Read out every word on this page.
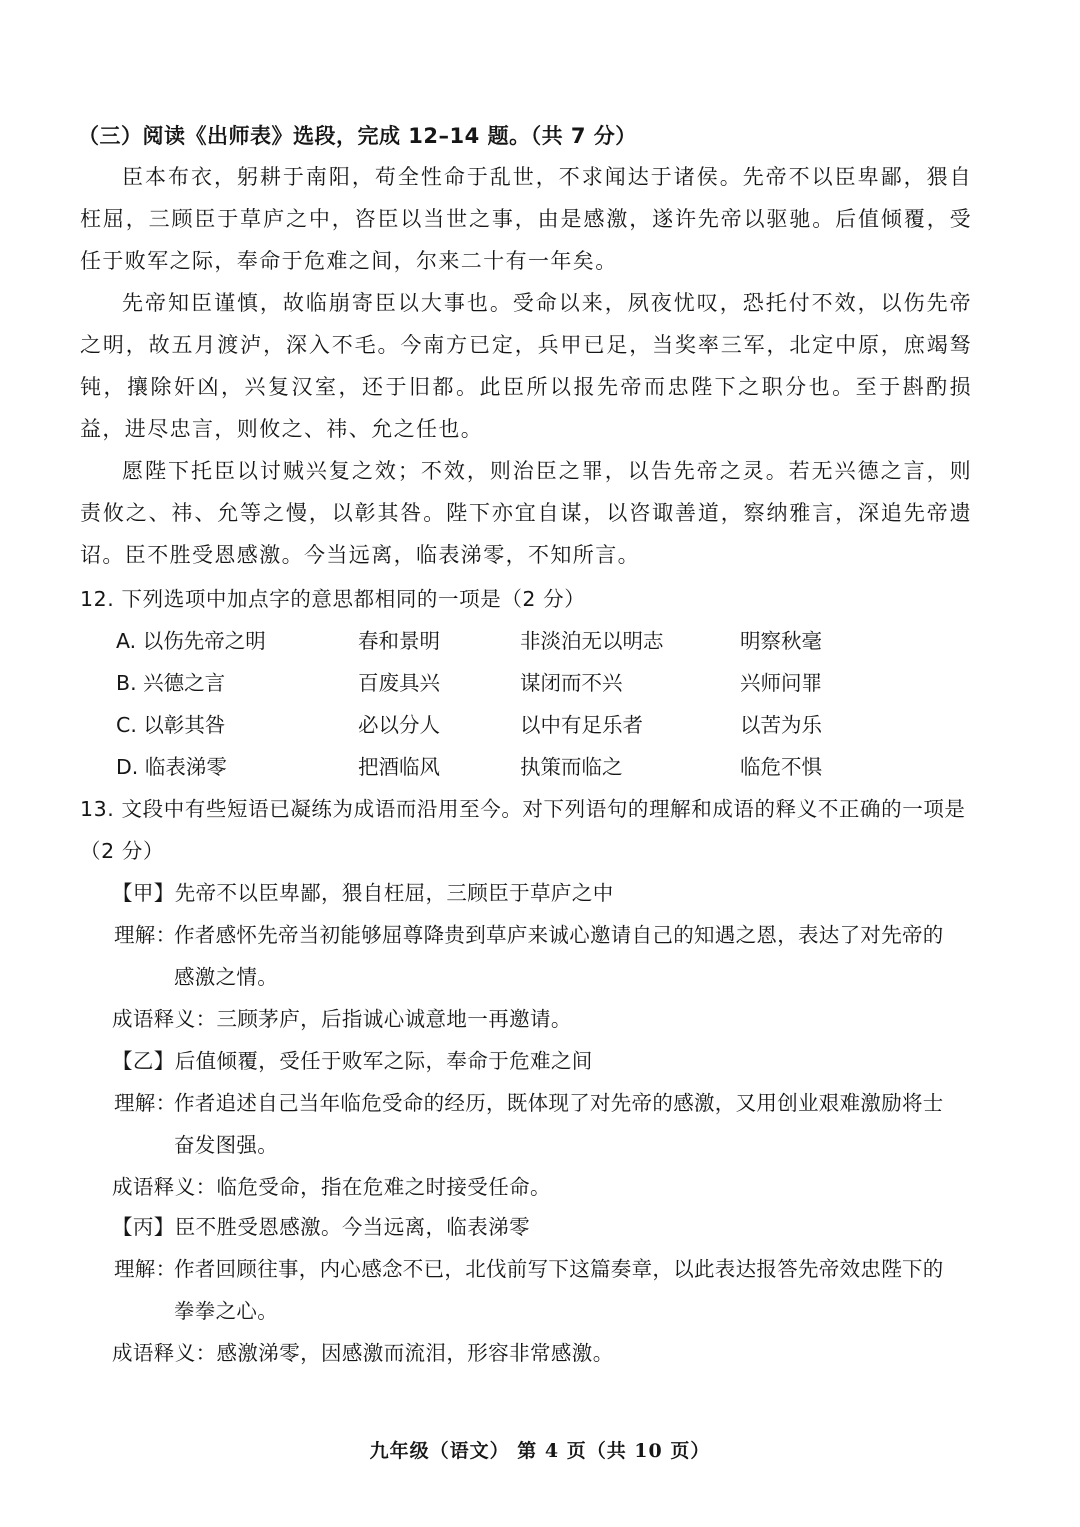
（三）阅读《出师表》选段，完成 12–14 题。（共 7 分）

臣本布衣，躬耕于南阳，苟全性命于乱世，不求闻达于诸侯。先帝不以臣卑鄙，猥自枉屈，三顾臣于草庐之中，咨臣以当世之事，由是感激，遂许先帝以驱驰。后值倾覆，受任于败军之际，奉命于危难之间，尔来二十有一年矣。

先帝知臣谨慎，故临崩寄臣以大事也。受命以来，夙夜忧叹，恐托付不效，以伤先帝之明，故五月渡泸，深入不毛。今南方已定，兵甲已足，当奖率三军，北定中原，庶竭驽钝，攘除奸凶，兴复汉室，还于旧都。此臣所以报先帝而忠陛下之职分也。至于斟酌损益，进尽忠言，则攸之、祎、允之任也。

愿陛下托臣以讨贼兴复之效；不效，则治臣之罪，以告先帝之灵。若无兴德之言，则责攸之、祎、允等之慢，以彰其咎。陛下亦宜自谋，以咨诹善道，察纳雅言，深追先帝遗诏。臣不胜受恩感激。今当远离，临表涕零，不知所言。

12. 下列选项中加点字的意思都相同的一项是（2 分）
A. 以伤先帝之明	春和景明	非淡泊无以明志	明察秋毫
B. 兴德之言	百废具兴	谋闭而不兴	兴师问罪
C. 以彰其咎	必以分人	以中有足乐者	以苦为乐
D. 临表涕零	把酒临风	执策而临之	临危不惧
13. 文段中有些短语已凝练为成语而沿用至今。对下列语句的理解和成语的释义不正确的一项是（2 分）
【甲】先帝不以臣卑鄙，猥自枉屈，三顾臣于草庐之中
理解：
作者感怀先帝当初能够屈尊降贵到草庐来诚心邀请自己的知遇之恩，表达了对先帝的感激之情。
成语释义：三顾茅庐，后指诚心诚意地一再邀请。
【乙】后值倾覆，受任于败军之际，奉命于危难之间
理解：
作者追述自己当年临危受命的经历，既体现了对先帝的感激，又用创业艰难激励将士奋发图强。
成语释义：临危受命，指在危难之时接受任命。
【丙】臣不胜受恩感激。今当远离，临表涕零
理解：
作者回顾往事，内心感念不已，北伐前写下这篇奏章，以此表达报答先帝效忠陛下的拳拳之心。
成语释义：感激涕零，因感激而流泪，形容非常感激。
九年级（语文） 第 4 页（共 10 页）
